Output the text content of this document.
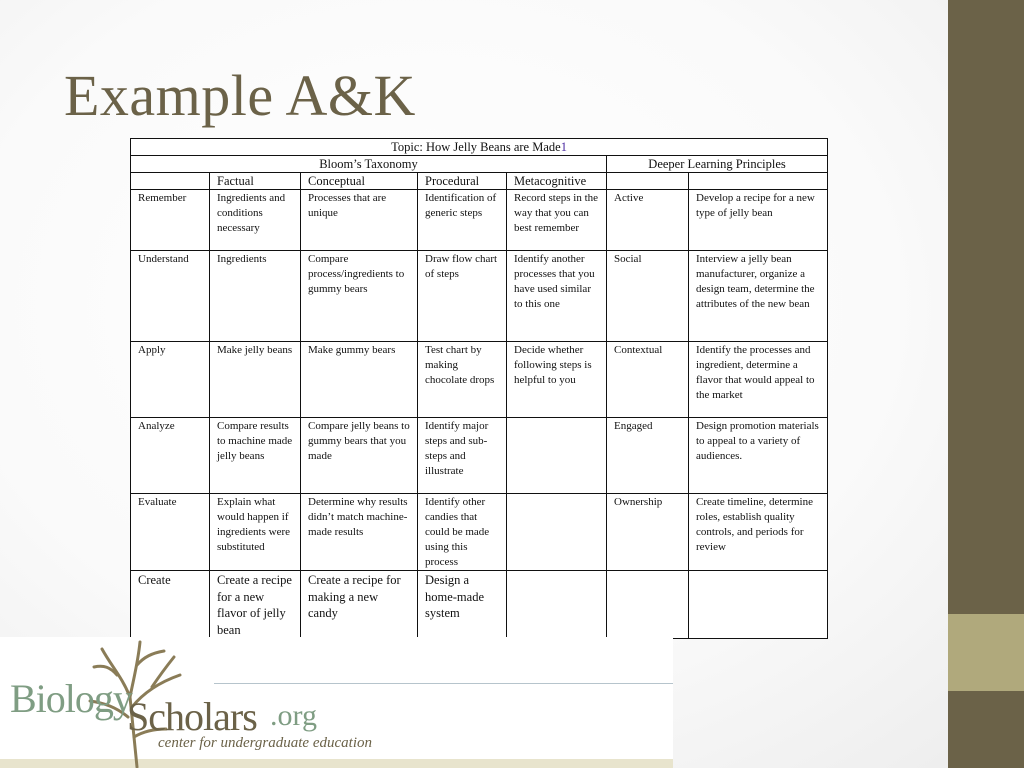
Example A&K
Topic: How Jelly Beans are Made1						
Bloom’s Taxonomy					Deeper Learning Principles	
	Factual	Conceptual	Procedural	Metacognitive		
Remember	Ingredients and conditions necessary	Processes that are unique	Identification of generic steps	Record steps in the way that you can best remember	Active	Develop a recipe for a new type of jelly bean
Understand	Ingredients	Compare process/ingredients to gummy bears	Draw flow chart of steps	Identify another processes that you have used similar to this one	Social	Interview a jelly bean manufacturer, organize a design team, determine the attributes of the new bean
Apply	Make jelly beans	Make gummy bears	Test chart by making chocolate drops	Decide whether following steps is helpful to you	Contextual	Identify the processes and ingredient, determine a flavor that would appeal to the market
Analyze	Compare results to machine made jelly beans	Compare jelly beans to gummy bears that you made	Identify major steps and sub-steps and illustrate		Engaged	Design promotion materials to appeal to a variety of audiences.
Evaluate	Explain what would happen if ingredients were substituted	Determine why results didn’t match machine-made results	Identify other candies that could be made using this process		Ownership	Create timeline, determine roles, establish quality controls, and periods for review
Create	Create a recipe for a new flavor of jelly bean	Create a recipe for making a new candy	Design a home-made system			
Biology
Scholars .org
center for undergraduate education
